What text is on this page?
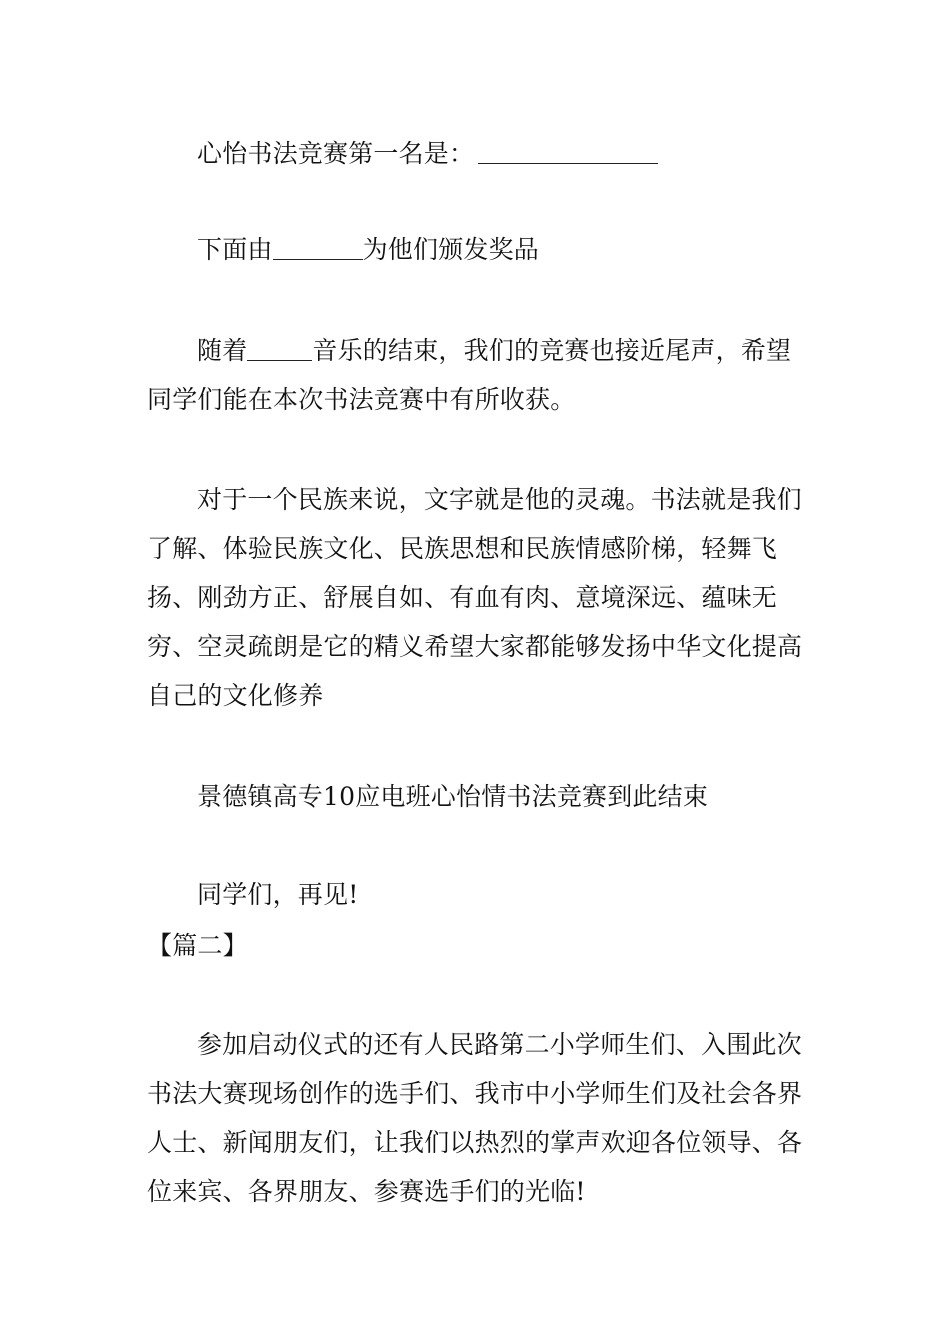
心怡书法竞赛第一名是：

下面由	为他们颁发奖品

随着	音乐的结束，我们的竞赛也接近尾声，希望同学们能在本次书法竞赛中有所收获。

对于一个民族来说，文字就是他的灵魂。书法就是我们了解、体验民族文化、民族思想和民族情感阶梯，轻舞飞扬、刚劲方正、舒展自如、有血有肉、意境深远、蕴味无穷、空灵疏朗是它的精义希望大家都能够发扬中华文化提高自己的文化修养

景德镇高专10应电班心怡情书法竞赛到此结束

同学们，再见!

【篇二】

参加启动仪式的还有人民路第二小学师生们、入围此次书法大赛现场创作的选手们、我市中小学师生们及社会各界人士、新闻朋友们，让我们以热烈的掌声欢迎各位领导、各位来宾、各界朋友、参赛选手们的光临!
